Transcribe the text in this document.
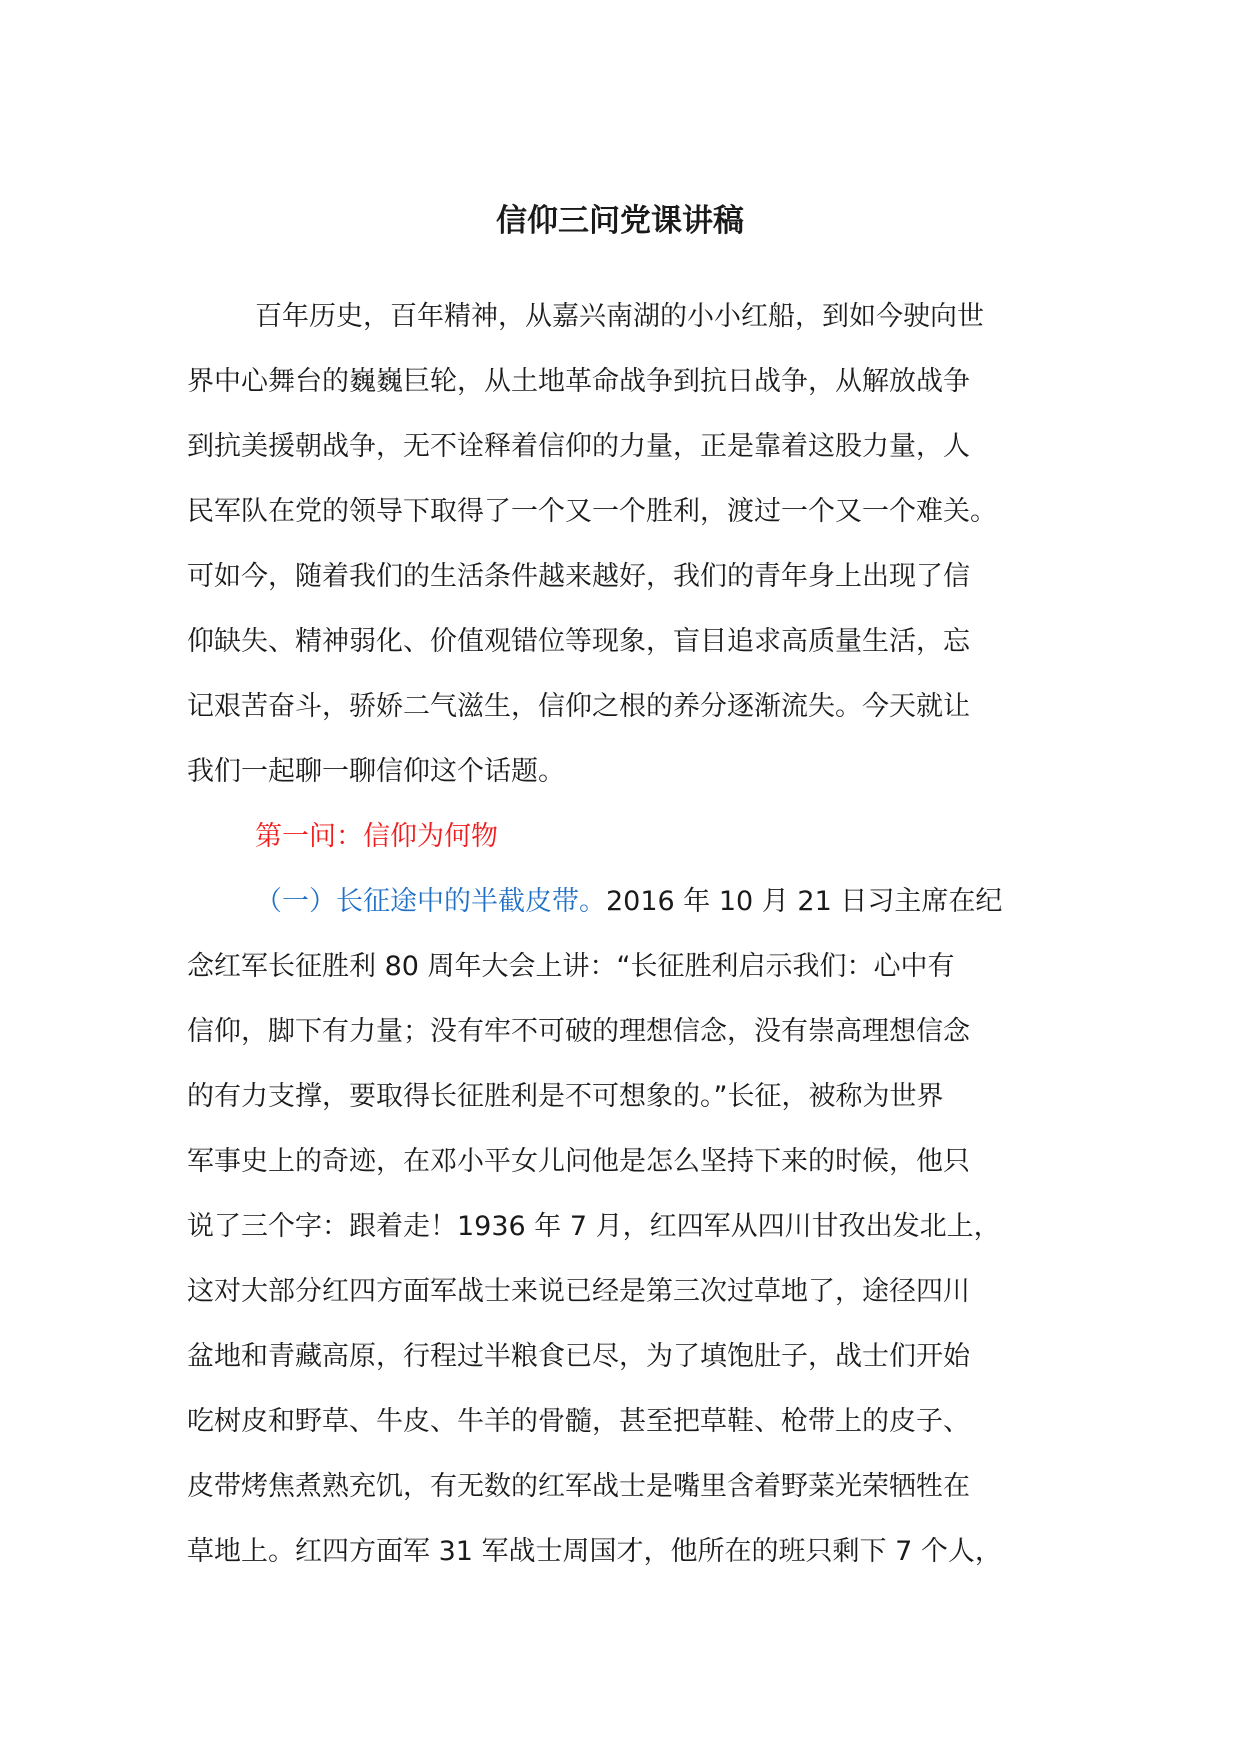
信仰三问党课讲稿
百年历史，百年精神，从嘉兴南湖的小小红船，到如今驶向世
界中心舞台的巍巍巨轮，从土地革命战争到抗日战争，从解放战争
到抗美援朝战争，无不诠释着信仰的力量，正是靠着这股力量，人
民军队在党的领导下取得了一个又一个胜利，渡过一个又一个难关。
可如今，随着我们的生活条件越来越好，我们的青年身上出现了信
仰缺失、精神弱化、价值观错位等现象，盲目追求高质量生活，忘
记艰苦奋斗，骄娇二气滋生，信仰之根的养分逐渐流失。今天就让
我们一起聊一聊信仰这个话题。
第一问：信仰为何物
（一）长征途中的半截皮带。2016 年 10 月 21 日习主席在纪
念红军长征胜利 80 周年大会上讲：“长征胜利启示我们：心中有
信仰，脚下有力量；没有牢不可破的理想信念，没有崇高理想信念
的有力支撑，要取得长征胜利是不可想象的。”长征，被称为世界
军事史上的奇迹，在邓小平女儿问他是怎么坚持下来的时候，他只
说了三个字：跟着走！1936 年 7 月，红四军从四川甘孜出发北上，
这对大部分红四方面军战士来说已经是第三次过草地了，途径四川
盆地和青藏高原，行程过半粮食已尽，为了填饱肚子，战士们开始
吃树皮和野草、牛皮、牛羊的骨髓，甚至把草鞋、枪带上的皮子、
皮带烤焦煮熟充饥，有无数的红军战士是嘴里含着野菜光荣牺牲在
草地上。红四方面军 31 军战士周国才，他所在的班只剩下 7 个人，
